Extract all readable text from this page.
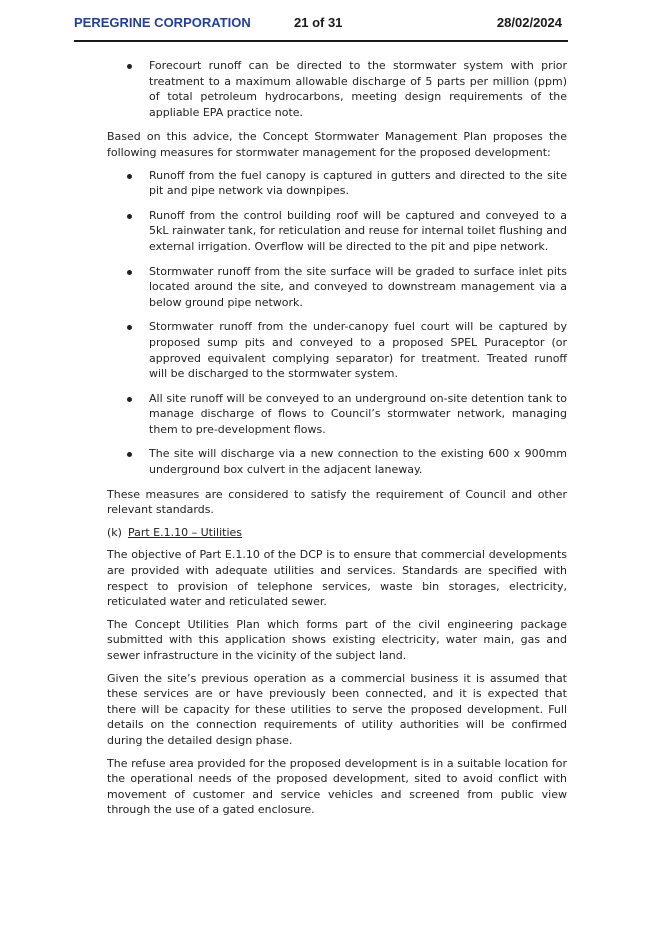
PEREGRINE CORPORATION	21 of 31	28/02/2024
Forecourt runoff can be directed to the stormwater system with prior treatment to a maximum allowable discharge of 5 parts per million (ppm) of total petroleum hydrocarbons, meeting design requirements of the appliable EPA practice note.

Based on this advice, the Concept Stormwater Management Plan proposes the following measures for stormwater management for the proposed development:

Runoff from the fuel canopy is captured in gutters and directed to the site pit and pipe network via downpipes.
Runoff from the control building roof will be captured and conveyed to a 5kL rainwater tank, for reticulation and reuse for internal toilet flushing and external irrigation. Overflow will be directed to the pit and pipe network.
Stormwater runoff from the site surface will be graded to surface inlet pits located around the site, and conveyed to downstream management via a below ground pipe network.
Stormwater runoff from the under-canopy fuel court will be captured by proposed sump pits and conveyed to a proposed SPEL Puraceptor (or approved equivalent complying separator) for treatment. Treated runoff will be discharged to the stormwater system.
All site runoff will be conveyed to an underground on-site detention tank to manage discharge of flows to Council’s stormwater network, managing them to pre-development flows.
The site will discharge via a new connection to the existing 600 x 900mm underground box culvert in the adjacent laneway.

These measures are considered to satisfy the requirement of Council and other relevant standards.

(k) Part E.1.10 – Utilities

The objective of Part E.1.10 of the DCP is to ensure that commercial developments are provided with adequate utilities and services. Standards are specified with respect to provision of telephone services, waste bin storages, electricity, reticulated water and reticulated sewer.

The Concept Utilities Plan which forms part of the civil engineering package submitted with this application shows existing electricity, water main, gas and sewer infrastructure in the vicinity of the subject land.

Given the site’s previous operation as a commercial business it is assumed that these services are or have previously been connected, and it is expected that there will be capacity for these utilities to serve the proposed development. Full details on the connection requirements of utility authorities will be confirmed during the detailed design phase.

The refuse area provided for the proposed development is in a suitable location for the operational needs of the proposed development, sited to avoid conflict with movement of customer and service vehicles and screened from public view through the use of a gated enclosure.
